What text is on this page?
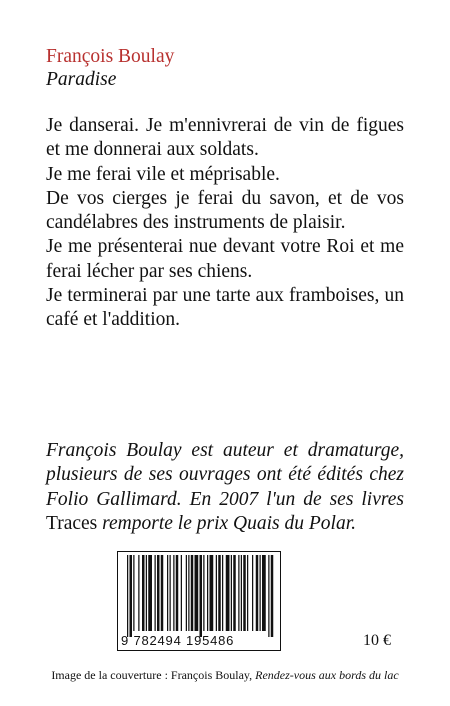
François Boulay
Paradise

Je danserai. Je m'ennivrerai de vin de figues et me donnerai aux soldats.

Je me ferai vile et méprisable.

De vos cierges je ferai du savon, et de vos candélabres des instruments de plaisir.

Je me présenterai nue devant votre Roi et me ferai lécher par ses chiens.

Je terminerai par une tarte aux framboises, un café et l'addition.

François Boulay est auteur et dramaturge, plusieurs de ses ouvrages ont été édités chez Folio Gallimard. En 2007 l'un de ses livres Traces remporte le prix Quais du Polar.
9 782494 195486	10 €
Image de la couverture : François Boulay, Rendez-vous aux bords du lac
